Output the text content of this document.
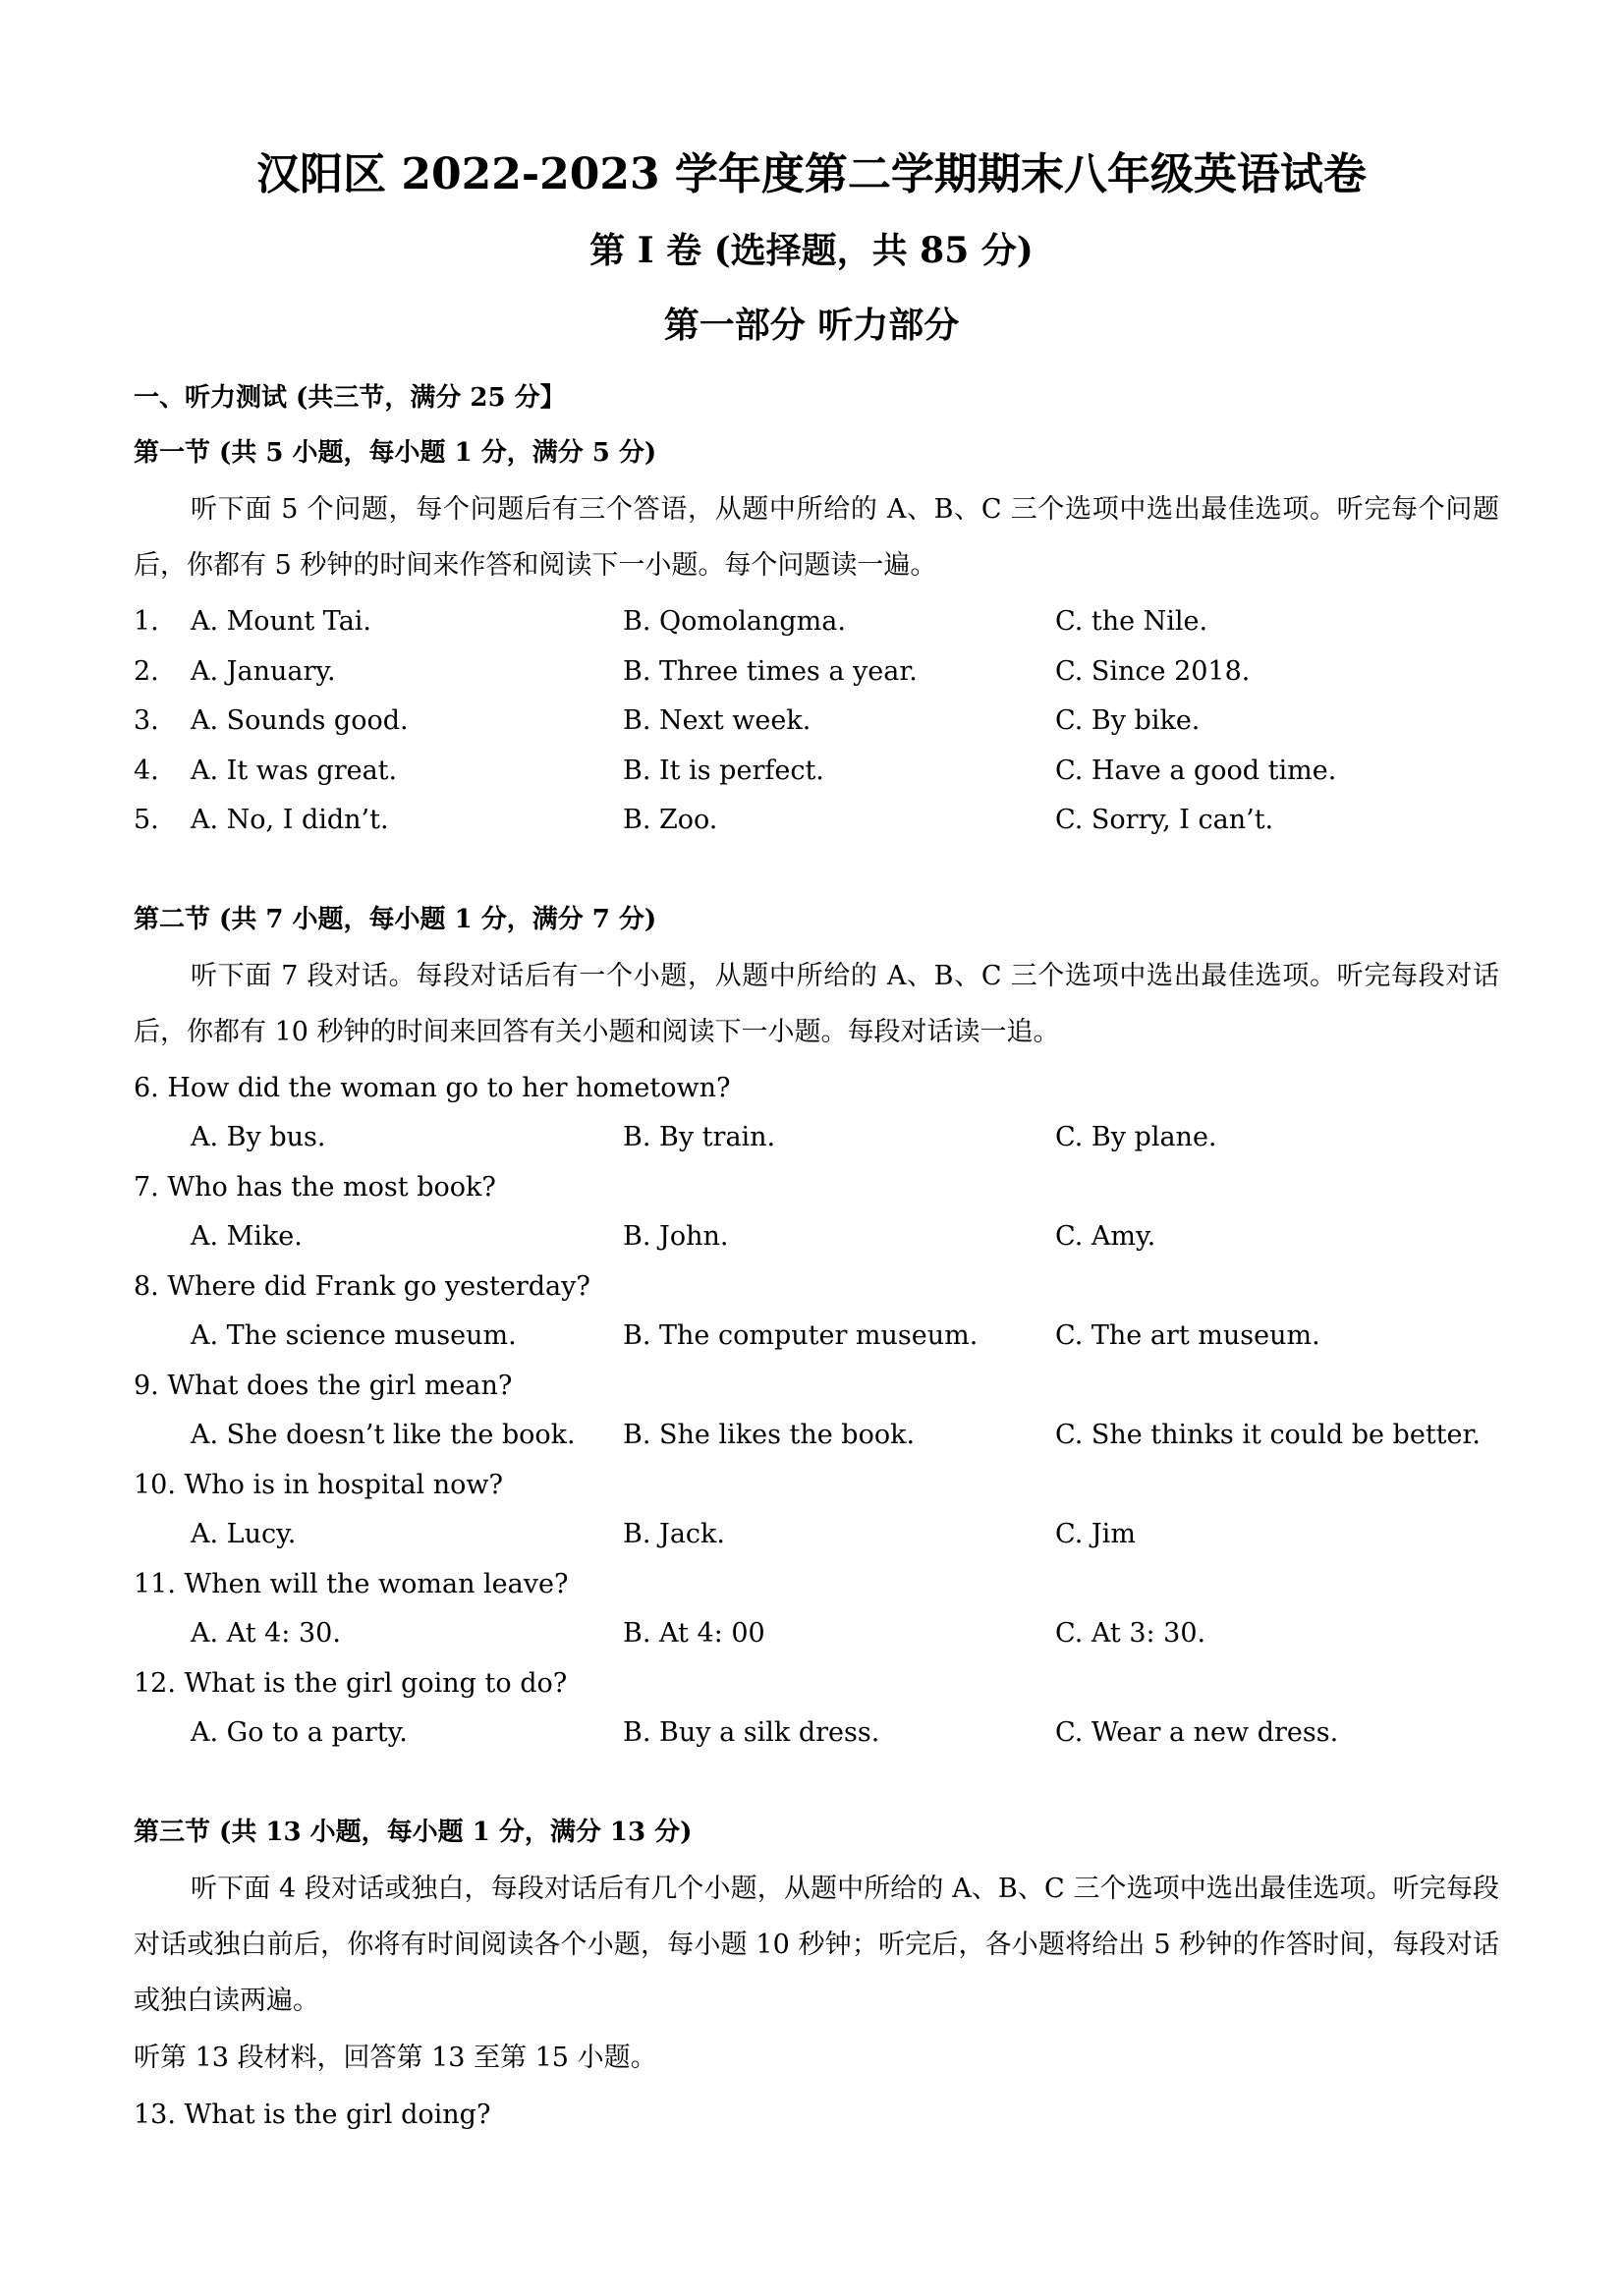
汉阳区 2022-2023 学年度第二学期期末八年级英语试卷
第 I 卷 (选择题，共 85 分)
第一部分 听力部分
一、听力测试 (共三节，满分 25 分】
第一节 (共 5 小题，每小题 1 分，满分 5 分)

听下面 5 个问题，每个问题后有三个答语，从题中所给的 A、B、C 三个选项中选出最佳选项。听完每个问题后，你都有 5 秒钟的时间来作答和阅读下一小题。每个问题读一遍。

1. A. Mount Tai.	B. Qomolangma.	C. the Nile.
2. A. January.	B. Three times a year.	C. Since 2018.
3. A. Sounds good.	B. Next week.	C. By bike.
4. A. It was great.	B. It is perfect.	C. Have a good time.
5. A. No, I didn’t.	B. Zoo.	C. Sorry, I can’t.
第二节 (共 7 小题，每小题 1 分，满分 7 分)

听下面 7 段对话。每段对话后有一个小题，从题中所给的 A、B、C 三个选项中选出最佳选项。听完每段对话后，你都有 10 秒钟的时间来回答有关小题和阅读下一小题。每段对话读一追。

6. How did the woman go to her hometown?
A. By bus.	B. By train.	C. By plane.
7. Who has the most book?
A. Mike.	B. John.	C. Amy.
8. Where did Frank go yesterday?
A. The science museum.	B. The computer museum.	C. The art museum.
9. What does the girl mean?
A. She doesn’t like the book. B. She likes the book.	C. She thinks it could be better.
10. Who is in hospital now?
A. Lucy.	B. Jack.	C. Jim
11. When will the woman leave?
A. At 4: 30.	B. At 4: 00	C. At 3: 30.
12. What is the girl going to do?
A. Go to a party.	B. Buy a silk dress.	C. Wear a new dress.
第三节 (共 13 小题，每小题 1 分，满分 13 分)

听下面 4 段对话或独白，每段对话后有几个小题，从题中所给的 A、B、C 三个选项中选出最佳选项。听完每段对话或独白前后，你将有时间阅读各个小题，每小题 10 秒钟；听完后，各小题将给出 5 秒钟的作答时间，每段对话或独白读两遍。

听第 13 段材料，回答第 13 至第 15 小题。
13. What is the girl doing?
